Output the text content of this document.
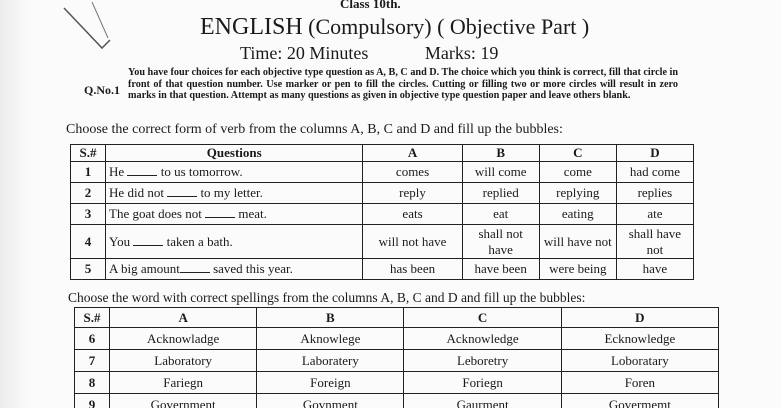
Class 10th.
ENGLISH (Compulsory) ( Objective Part )
Time: 20 Minutes	Marks: 19
Q.No.1
You have four choices for each objective type question as A, B, C and D. The choice which you think is correct, fill that circle in front of that question number. Use marker or pen to fill the circles. Cutting or filling two or more circles will result in zero marks in that question. Attempt as many questions as given in objective type question paper and leave others blank.
Choose the correct form of verb from the columns A, B, C and D and fill up the bubbles:
S.#	Questions	A	B	C	D
1	He to us tomorrow.	comes	will come	come	had come
2	He did not to my letter.	reply	replied	replying	replies
3	The goat does not meat.	eats	eat	eating	ate
4	You taken a bath.	will not have	shall not have	will have not	shall have not
5	A big amount saved this year.	has been	have been	were being	have
Choose the word with correct spellings from the columns A, B, C and D and fill up the bubbles:
S.#	A	B	C	D
6	Acknowladge	Aknowlege	Acknowledge	Ecknowledge
7	Laboratory	Laboratery	Leboretry	Loboratary
8	Fariegn	Foreign	Foriegn	Foren
9	Government	Govnment	Gaurment	Govermemt
